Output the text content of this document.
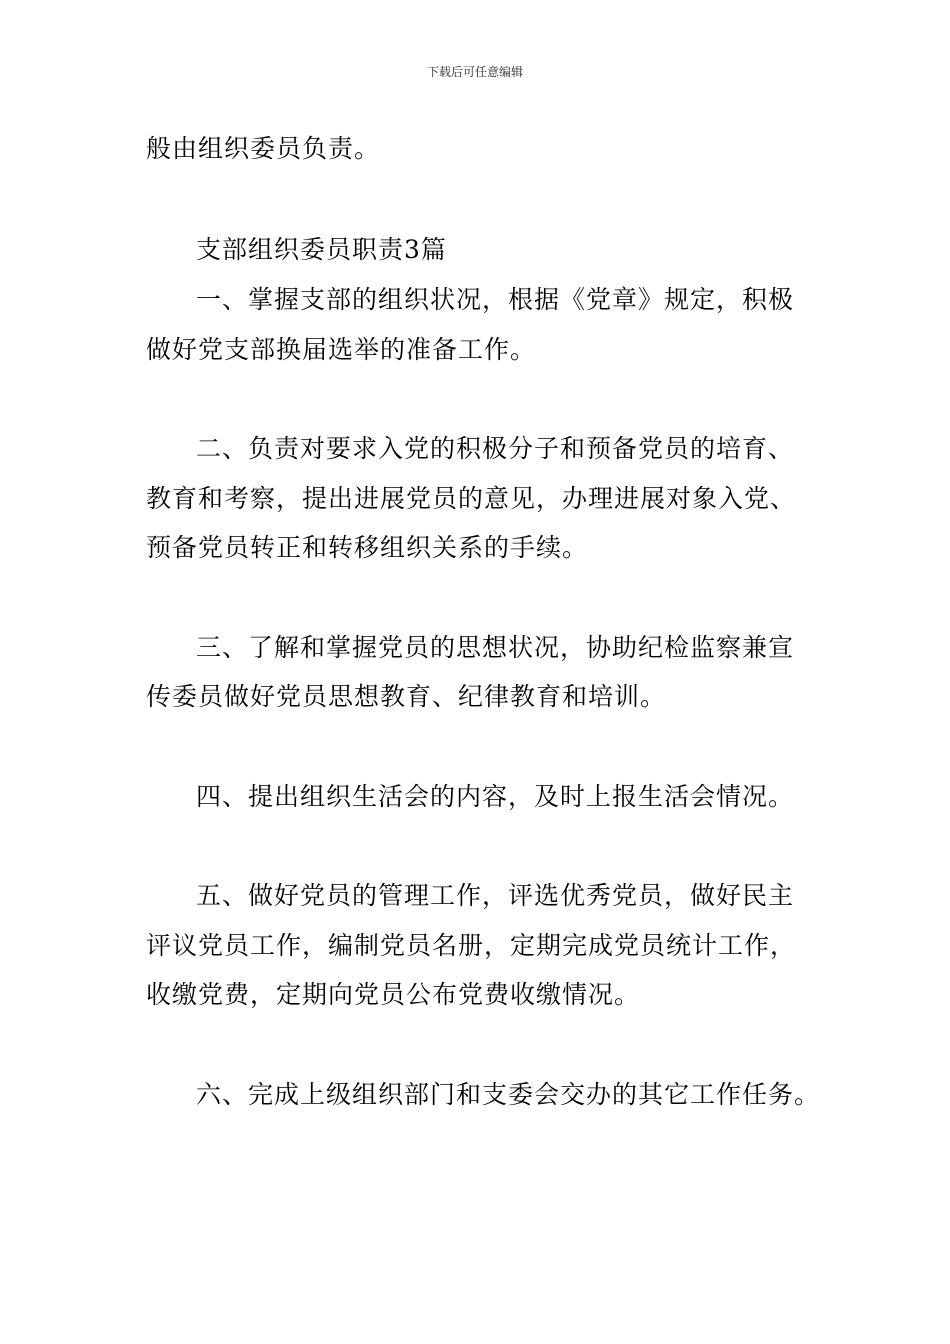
下载后可任意编辑
般由组织委员负责。
支部组织委员职责3篇
一、掌握支部的组织状况，根据《党章》规定，积极
做好党支部换届选举的准备工作。
二、负责对要求入党的积极分子和预备党员的培育、
教育和考察，提出进展党员的意见，办理进展对象入党、
预备党员转正和转移组织关系的手续。
三、了解和掌握党员的思想状况，协助纪检监察兼宣
传委员做好党员思想教育、纪律教育和培训。
四、提出组织生活会的内容，及时上报生活会情况。
五、做好党员的管理工作，评选优秀党员，做好民主
评议党员工作，编制党员名册，定期完成党员统计工作，
收缴党费，定期向党员公布党费收缴情况。
六、完成上级组织部门和支委会交办的其它工作任务。
